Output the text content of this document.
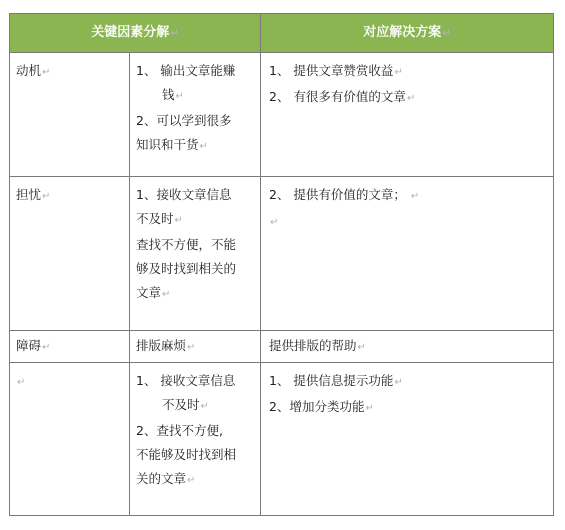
关键因素分解↵		对应解决方案↵
动机↵	1、 输出文章能赚
钱↵
2、可以学到很多
知识和干货↵	1、 提供文章赞赏收益↵
2、 有很多有价值的文章↵

担忧↵	1、接收文章信息
不及时↵
查找不方便，不能
够及时找到相关的
文章↵	2、 提供有价值的文章； ↵
↵

障碍↵	排版麻烦↵	提供排版的帮助↵
↵	1、 接收文章信息
不及时↵
2、查找不方便,
不能够及时找到相
关的文章↵	1、 提供信息提示功能↵
2、增加分类功能↵
